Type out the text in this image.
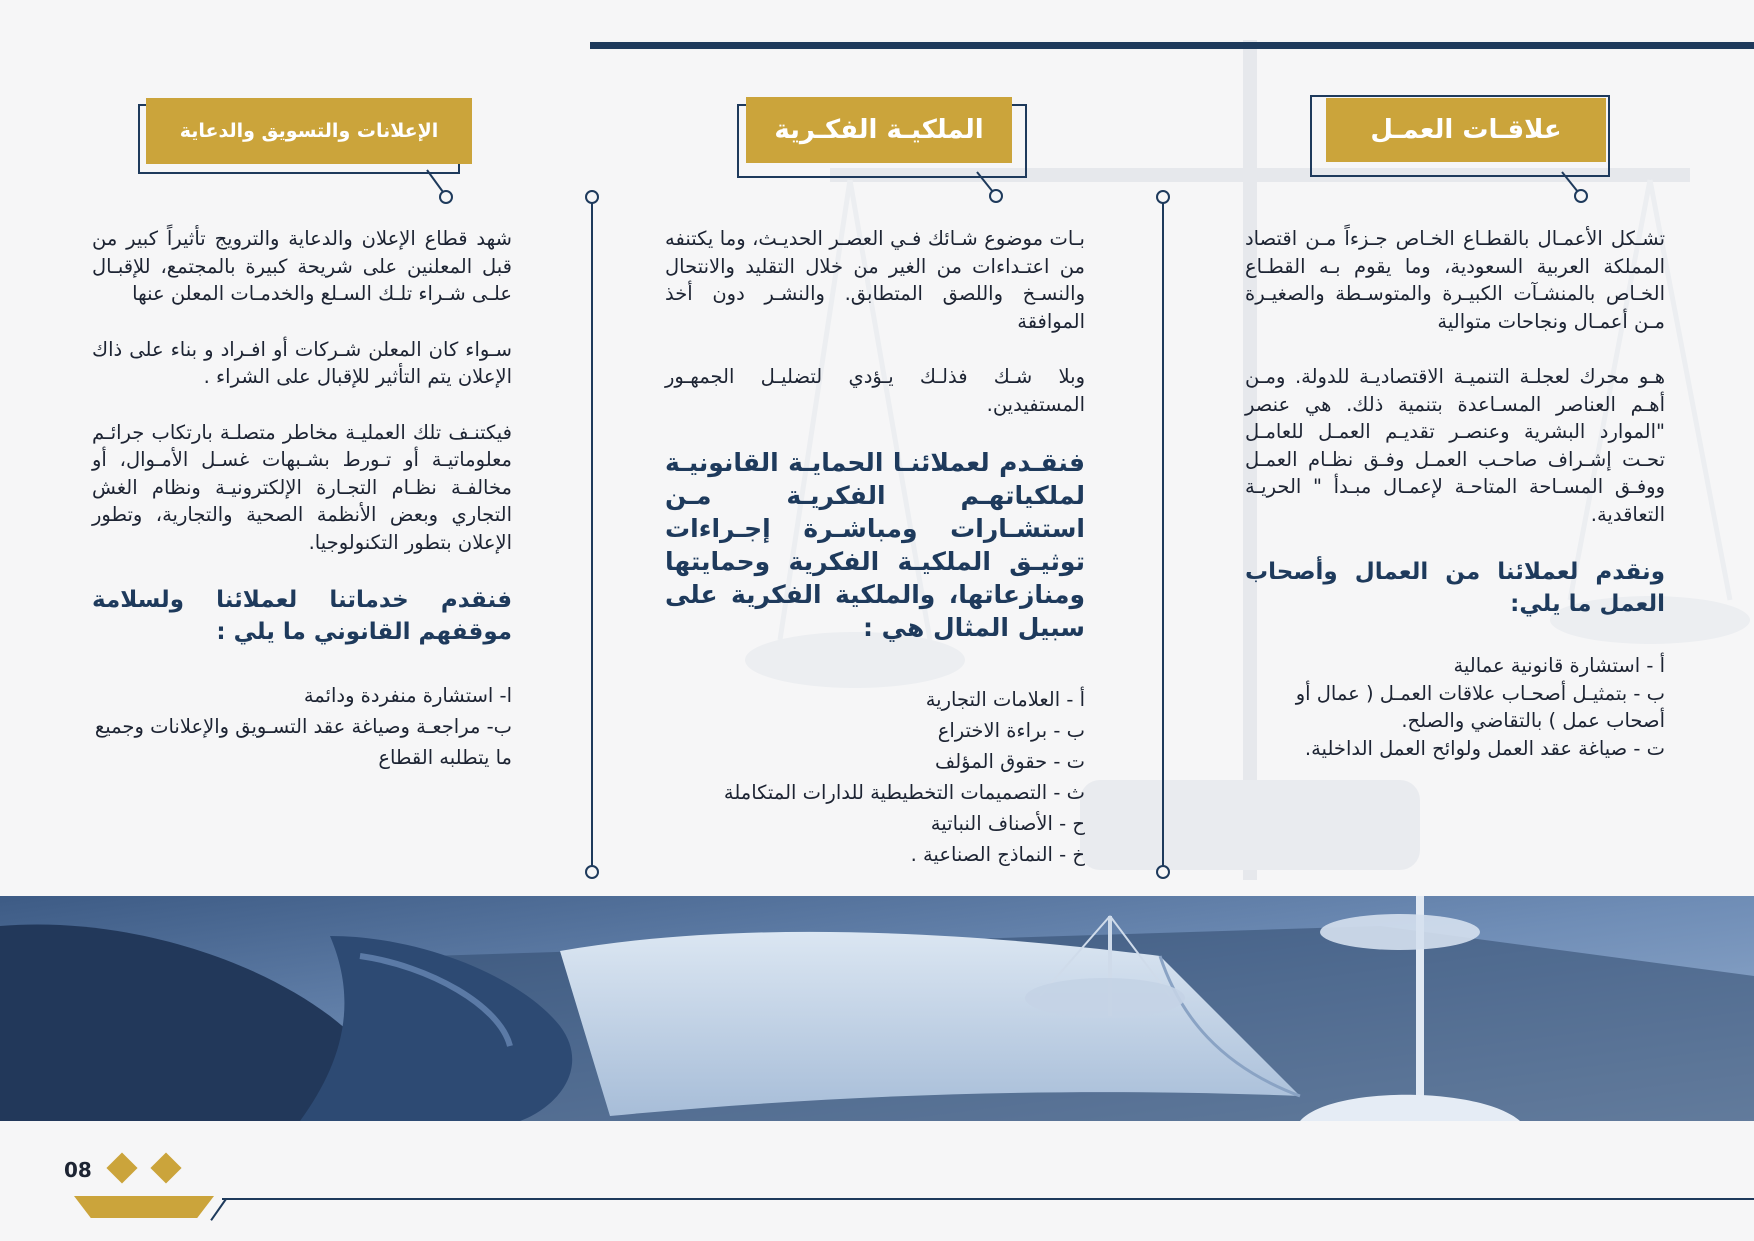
علاقـات العمـل
الملكيـة الفكـرية
الإعلانات والتسويق والدعاية

تشـكل الأعمـال بالقطـاع الخـاص جـزءاً مـن اقتصاد المملكة العربية السعودية، وما يقوم بـه القطـاع الخـاص بالمنشـآت الكبيـرة والمتوسـطة والصغيـرة مـن أعمـال ونجاحات متوالية

هـو محرك لعجلـة التنميـة الاقتصاديـة للدولة. ومـن أهـم العناصر المسـاعدة بتنمية ذلك. هي عنصر "الموارد البشرية وعنصـر تقديـم العمـل للعامـل تحـت إشـراف صاحـب العمـل وفـق نظـام العمـل ووفـق المسـاحة المتاحـة لإعمـال مبـدأ " الحريـة التعاقدية.

ونقدم لعملائنا من العمال وأصحاب العمل ما يلي:
أ - استشارة قانونية عمالية
ب - بتمثيـل أصحـاب علاقات العمـل ( عمال أو أصحاب عمل ) بالتقاضي والصلح.
ت - صياغة عقد العمل ولوائح العمل الداخلية.

بـات موضوع شـائك فـي العصـر الحديـث، وما يكتنفه من اعتـداءات من الغير من خلال التقليد والانتحال والنسـخ واللصق المتطابق. والنشـر دون أخذ الموافقة

وبلا شـك فذلـك يـؤدي لتضليـل الجمهـور المستفيدين.

فنقـدم لعملائنـا الحمايـة القانونيـة لملكياتهـم الفكريـة مـن استشـارات ومباشـرة إجـراءات توثيـق الملكيـة الفكرية وحمايتها ومنازعاتها، والملكية الفكرية على سبيل المثال هي :
أ - العلامات التجارية
ب - براءة الاختراع
ت - حقوق المؤلف
ث - التصميمات التخطيطية للدارات المتكاملة
ح - الأصناف النباتية
خ - النماذج الصناعية .

شهد قطاع الإعلان والدعاية والترويج تأثيراً كبير من قبل المعلنين على شريحة كبيرة بالمجتمع، للإقبـال علـى شـراء تلـك السـلع والخدمـات المعلن عنها

سـواء كان المعلن شـركات أو افـراد و بناء على ذاك الإعلان يتم التأثير للإقبال على الشراء .

فيكتنـف تلك العمليـة مخاطر متصلـة بارتكاب جرائـم معلوماتيـة أو تـورط بشـبهات غسـل الأمـوال، أو مخالفـة نظـام التجـارة الإلكترونيـة ونظام الغش التجاري وبعض الأنظمة الصحية والتجارية، وتطور الإعلان بتطور التكنولوجيا.

فنقدم خدماتنا لعملائنا ولسلامة موقفهم القانوني ما يلي :
ا- استشارة منفردة ودائمة
ب- مراجعـة وصياغة عقد التسـويق والإعلانات وجميع ما يتطلبه القطاع
08
